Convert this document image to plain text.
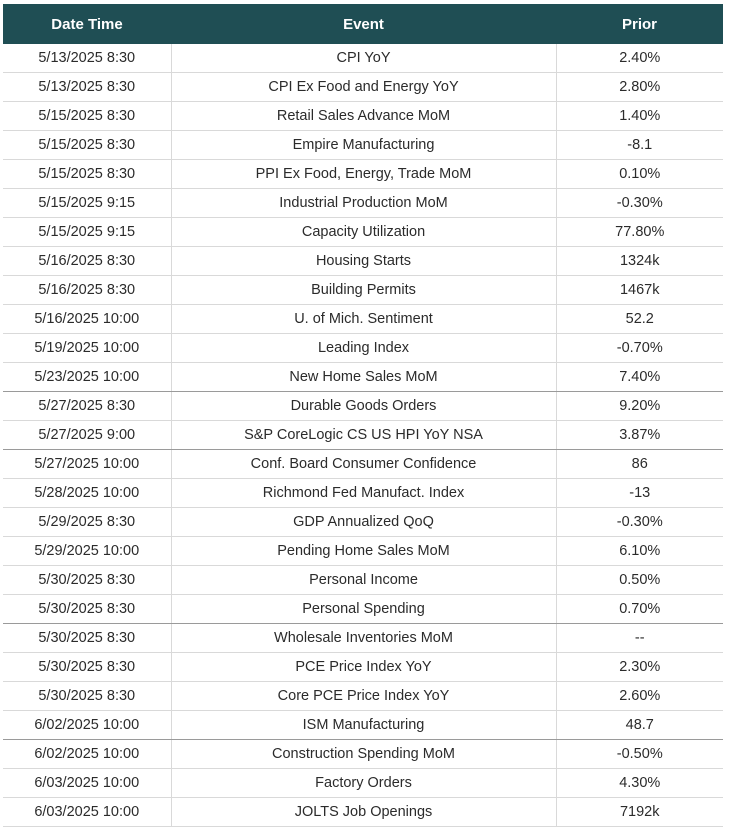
Date Time	Event	Prior
5/13/2025 8:30	CPI YoY	2.40%
5/13/2025 8:30	CPI Ex Food and Energy YoY	2.80%
5/15/2025 8:30	Retail Sales Advance MoM	1.40%
5/15/2025 8:30	Empire Manufacturing	-8.1
5/15/2025 8:30	PPI Ex Food, Energy, Trade MoM	0.10%
5/15/2025 9:15	Industrial Production MoM	-0.30%
5/15/2025 9:15	Capacity Utilization	77.80%
5/16/2025 8:30	Housing Starts	1324k
5/16/2025 8:30	Building Permits	1467k
5/16/2025 10:00	U. of Mich. Sentiment	52.2
5/19/2025 10:00	Leading Index	-0.70%
5/23/2025 10:00	New Home Sales MoM	7.40%
5/27/2025 8:30	Durable Goods Orders	9.20%
5/27/2025 9:00	S&P CoreLogic CS US HPI YoY NSA	3.87%
5/27/2025 10:00	Conf. Board Consumer Confidence	86
5/28/2025 10:00	Richmond Fed Manufact. Index	-13
5/29/2025 8:30	GDP Annualized QoQ	-0.30%
5/29/2025 10:00	Pending Home Sales MoM	6.10%
5/30/2025 8:30	Personal Income	0.50%
5/30/2025 8:30	Personal Spending	0.70%
5/30/2025 8:30	Wholesale Inventories MoM	--
5/30/2025 8:30	PCE Price Index YoY	2.30%
5/30/2025 8:30	Core PCE Price Index YoY	2.60%
6/02/2025 10:00	ISM Manufacturing	48.7
6/02/2025 10:00	Construction Spending MoM	-0.50%
6/03/2025 10:00	Factory Orders	4.30%
6/03/2025 10:00	JOLTS Job Openings	7192k
